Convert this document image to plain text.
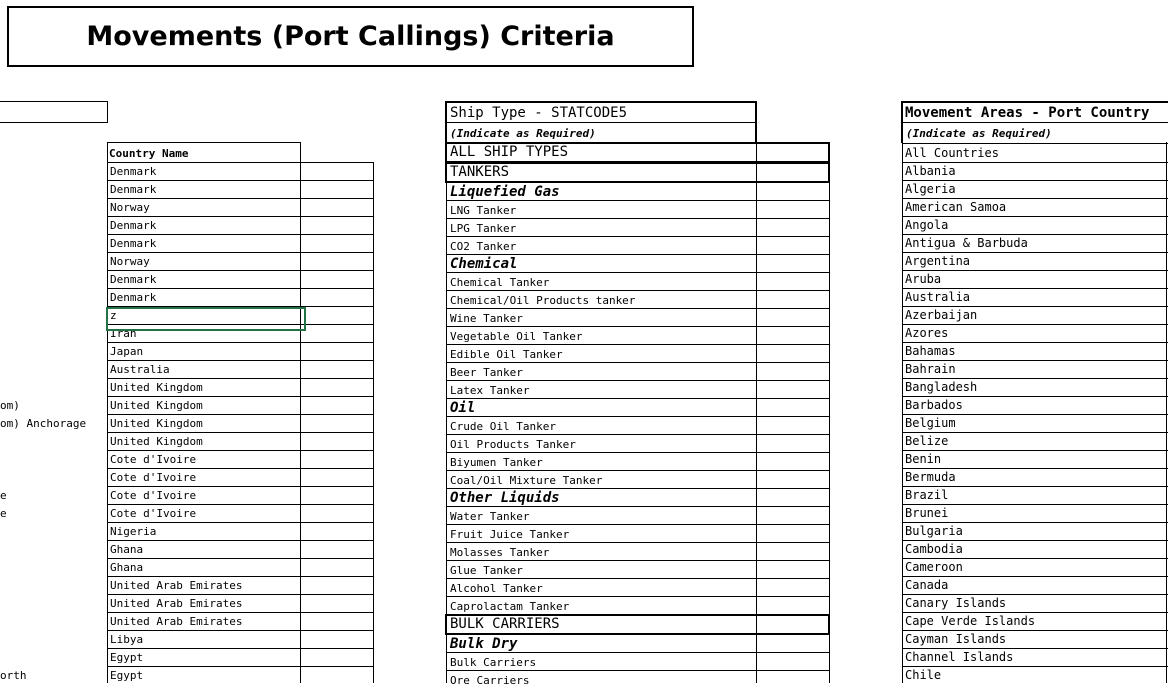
Movements (Port Callings) Criteria
Country Name
Denmark
Denmark
Norway
Denmark
Denmark
Norway
Denmark
Denmark
z
Iran
Japan
Australia
United Kingdom
United Kingdom
om)
United Kingdom
om) Anchorage
United Kingdom
Cote d'Ivoire
Cote d'Ivoire
Cote d'Ivoire
e
Cote d'Ivoire
e
Nigeria
Ghana
Ghana
United Arab Emirates
United Arab Emirates
United Arab Emirates
Libya
Egypt
Egypt
orth
Ship Type - STATCODE5
(Indicate as Required)
ALL SHIP TYPES
TANKERS
Liquefied Gas
LNG Tanker
LPG Tanker
CO2 Tanker
Chemical
Chemical Tanker
Chemical/Oil Products tanker
Wine Tanker
Vegetable Oil Tanker
Edible Oil Tanker
Beer Tanker
Latex Tanker
Oil
Crude Oil Tanker
Oil Products Tanker
Biyumen Tanker
Coal/Oil Mixture Tanker
Other Liquids
Water Tanker
Fruit Juice Tanker
Molasses Tanker
Glue Tanker
Alcohol Tanker
Caprolactam Tanker
BULK CARRIERS
Bulk Dry
Bulk Carriers
Ore Carriers
Movement Areas - Port Country
(Indicate as Required)
All Countries
Albania
Algeria
American Samoa
Angola
Antigua & Barbuda
Argentina
Aruba
Australia
Azerbaijan
Azores
Bahamas
Bahrain
Bangladesh
Barbados
Belgium
Belize
Benin
Bermuda
Brazil
Brunei
Bulgaria
Cambodia
Cameroon
Canada
Canary Islands
Cape Verde Islands
Cayman Islands
Channel Islands
Chile
